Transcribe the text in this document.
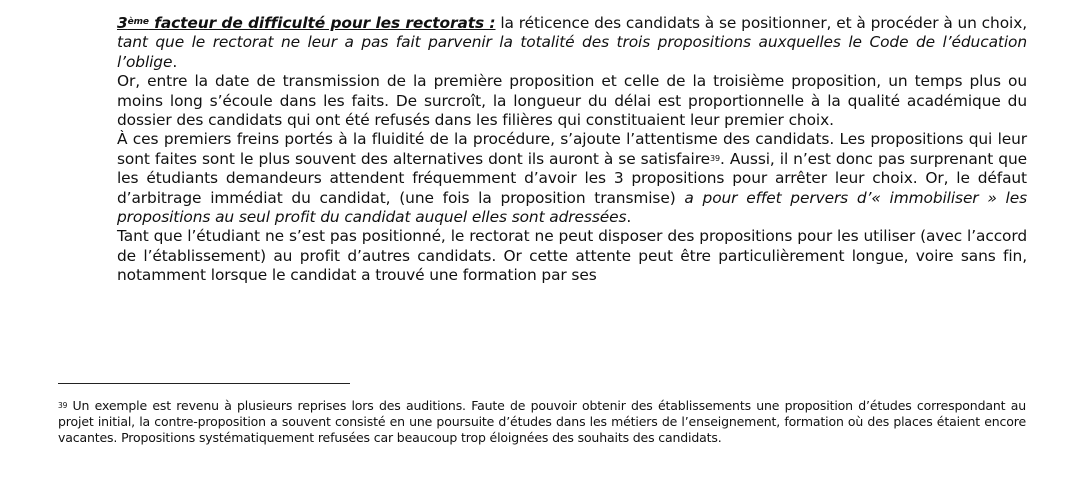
3ème facteur de difficulté pour les rectorats : la réticence des candidats à se positionner, et à procéder à un choix, tant que le rectorat ne leur a pas fait parvenir la totalité des trois propositions auxquelles le Code de l’éducation l’oblige.

Or, entre la date de transmission de la première proposition et celle de la troisième proposition, un temps plus ou moins long s’écoule dans les faits. De surcroît, la longueur du délai est proportionnelle à la qualité académique du dossier des candidats qui ont été refusés dans les filières qui constituaient leur premier choix.

À ces premiers freins portés à la fluidité de la procédure, s’ajoute l’attentisme des candidats. Les propositions qui leur sont faites sont le plus souvent des alternatives dont ils auront à se satisfaire$^{39}$. Aussi, il n’est donc pas surprenant que les étudiants demandeurs attendent fréquemment d’avoir les 3 propositions pour arrêter leur choix. Or, le défaut d’arbitrage immédiat du candidat, (une fois la proposition transmise) a pour effet pervers d’« immobiliser » les propositions au seul profit du candidat auquel elles sont adressées.

Tant que l’étudiant ne s’est pas positionné, le rectorat ne peut disposer des propositions pour les utiliser (avec l’accord de l’établissement) au profit d’autres candidats. Or cette attente peut être particulièrement longue, voire sans fin, notamment lorsque le candidat a trouvé une formation par ses

$^{39}$ Un exemple est revenu à plusieurs reprises lors des auditions. Faute de pouvoir obtenir des établissements une proposition d’études correspondant au projet initial, la contre-proposition a souvent consisté en une poursuite d’études dans les métiers de l’enseignement, formation où des places étaient encore vacantes. Propositions systématiquement refusées car beaucoup trop éloignées des souhaits des candidats.
